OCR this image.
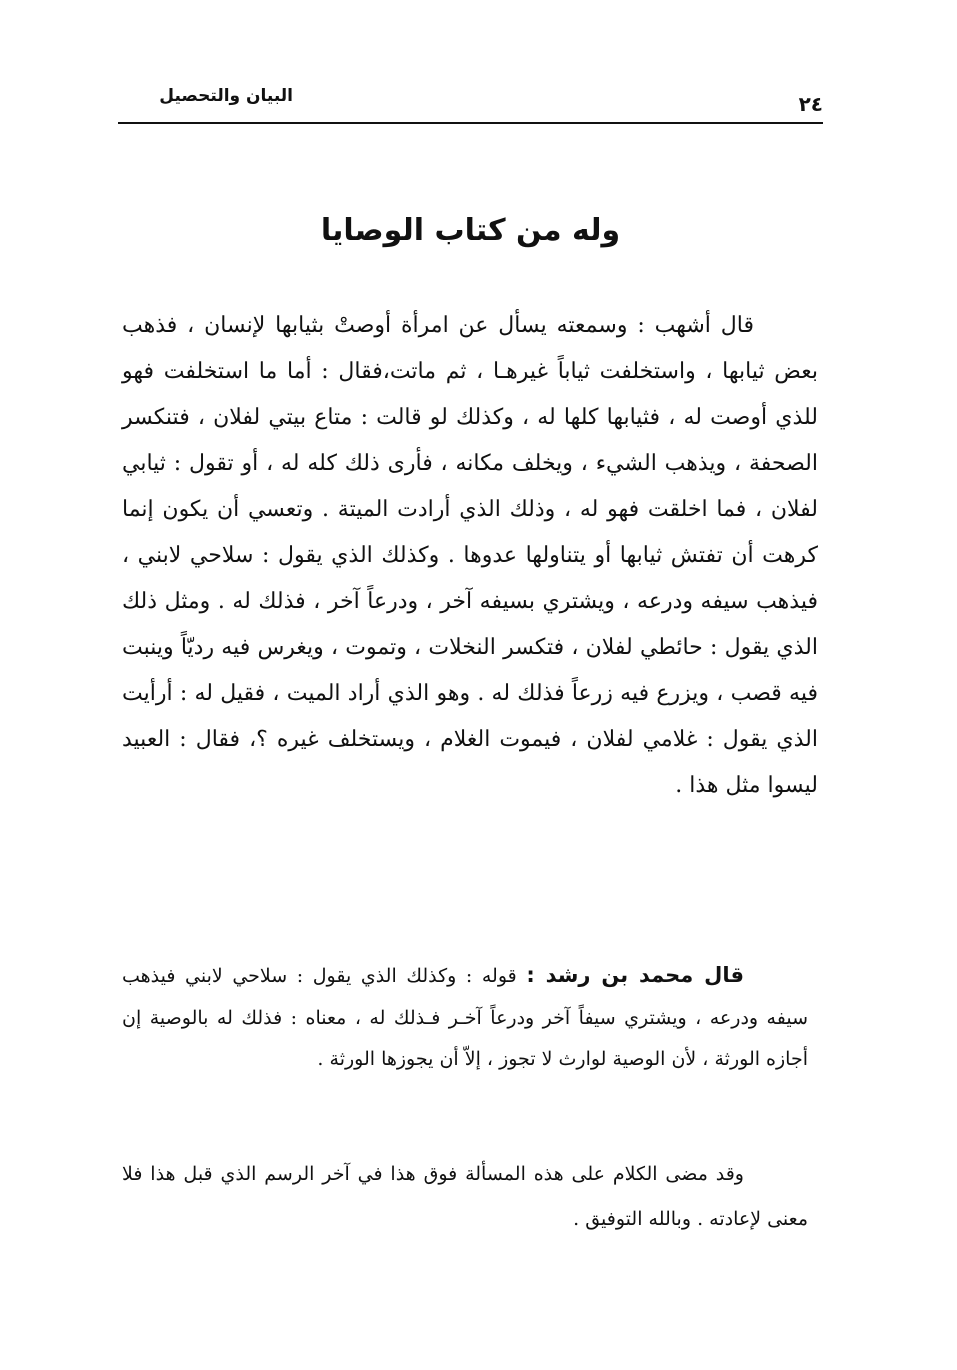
البيان والتحصيل	٢٤
وله من كتاب الوصايا

قال أشهب : وسمعته يسأل عن امرأة أوصتْ بثيابها لإنسان ، فذهب بعض ثيابها ، واستخلفت ثياباً غيرهـا ، ثم ماتت،فقال : أما ما استخلفت فهو للذي أوصت له ، فثيابها كلها له ، وكذلك لو قالت : متاع بيتي لفلان ، فتنكسر الصحفة ، ويذهب الشيء ، ويخلف مكانه ، فأرى ذلك كله له ، أو تقول : ثيابي لفلان ، فما اخلقت فهو له ، وذلك الذي أرادت الميتة . وتعسي أن يكون إنما كرهت أن تفتش ثيابها أو يتناولها عدوها . وكذلك الذي يقول : سلاحي لابني ، فيذهب سيفه ودرعه ، ويشتري بسيفه آخر ، ودرعاً آخر ، فذلك له . ومثل ذلك الذي يقول : حائطي لفلان ، فتكسر النخلات ، وتموت ، ويغرس فيه رديّاً وينبت فيه قصب ، ويزرع فيه زرعاً فذلك له . وهو الذي أراد الميت ، فقيل له : أرأيت الذي يقول : غلامي لفلان ، فيموت الغلام ، ويستخلف غيره ؟، فقال : العبيد ليسوا مثل هذا .

قال محمد بن رشد : قوله : وكذلك الذي يقول : سلاحي لابني فيذهب سيفه ودرعه ، ويشتري سيفاً آخر ودرعاً آخـر فـذلك له ، معناه : فذلك له بالوصية إن أجازه الورثة ، لأن الوصية لوارث لا تجوز ، إلاّ أن يجوزها الورثة .

وقد مضى الكلام على هذه المسألة فوق هذا في آخر الرسم الذي قبل هذا فلا معنى لإعادته . وبالله التوفيق .
